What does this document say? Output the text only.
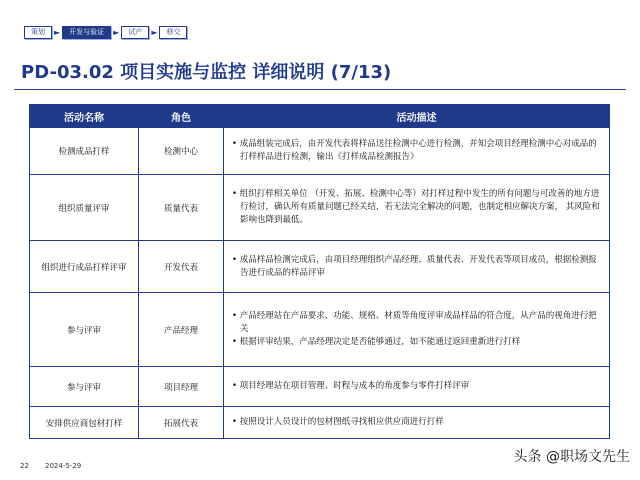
策划	►	开发与验证	►	试产	►	移交
PD-03.02 项目实施与监控 详细说明 (7/13)
活动名称	角色	活动描述
检测成品打样	检测中心	• 成品组装完成后，由开发代表将样品送往检测中心进行检测，并知会项目经理检测中心对成品的打样样品进行检测，输出《打样成品检测报告》

组织质量评审	质量代表	• 组织打样相关单位 （开发、拓展、检测中心等）对打样过程中发生的所有问题与可改善的地方进行检讨，确认所有质量问题已经关结，若无法完全解决的问题，也制定相应解决方案， 其风险和影响也降到最低。

组织进行成品打样评审	开发代表	• 成品样品检测完成后，由项目经理组织产品经理、质量代表、开发代表等项目成员，根据检测报告进行成品的样品评审

参与评审	产品经理	• 产品经理站在产品要求、功能、规格、材质等角度评审成品样品的符合度，从产品的视角进行把关
• 根据评审结果，产品经理决定是否能够通过，如不能通过返回重新进行打样

参与评审	项目经理	• 项目经理站在项目管理、时程与成本的角度参与零件打样评审

安排供应商包材打样	拓展代表	• 按照设计人员设计的包材图纸寻找相应供应商进行打样
22 2024-5-29
头条 @职场文先生
